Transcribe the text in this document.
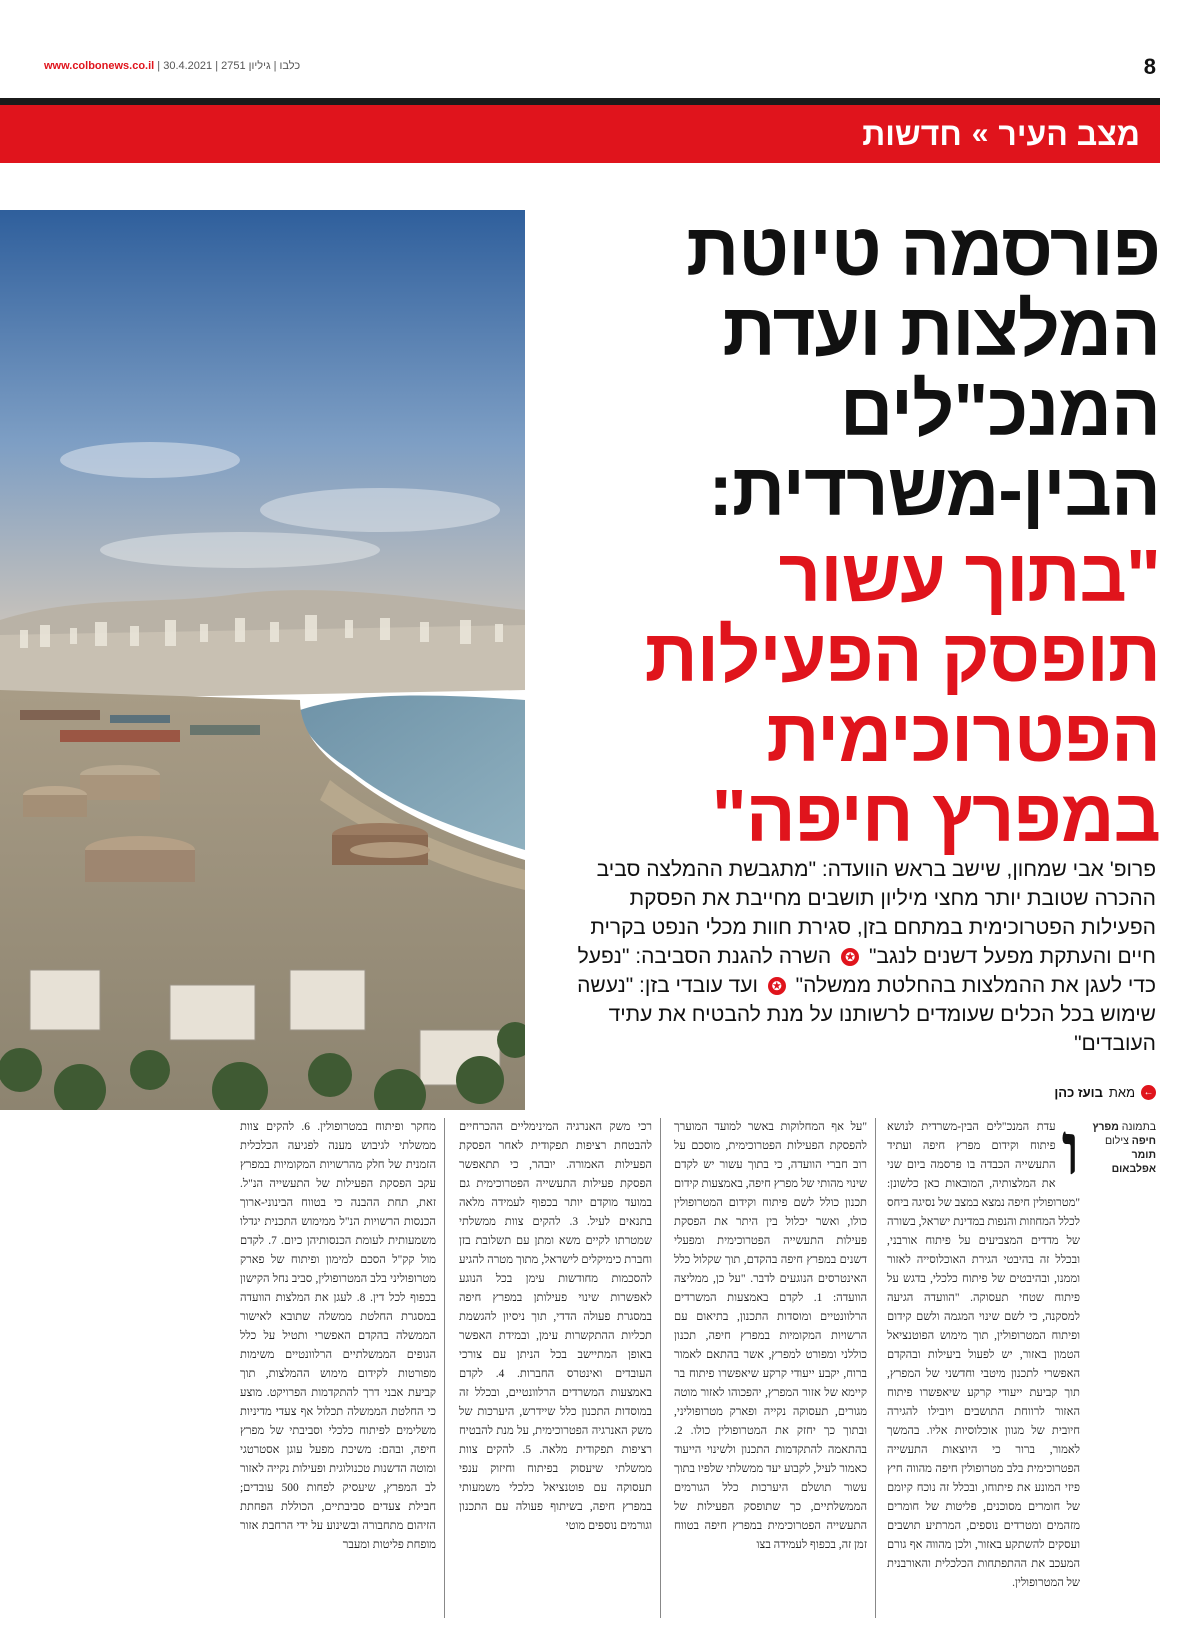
www.colbonews.co.il | כלבו | גיליון 2751 | 30.4.2021	8
מצב העיר
»
חדשות
פורסמה טיוטת
המלצות ועדת
המנכ"לים
הבין-משרדית:
"בתוך עשור
תופסק הפעילות
הפטרוכימית
במפרץ חיפה"
פרופ' אבי שמחון, שישב בראש הוועדה: "מתגבשת ההמלצה סביב ההכרה שטובת יותר מחצי מיליון תושבים מחייבת את הפסקת הפעילות הפטרוכימית במתחם בזן, סגירת חוות מכלי הנפט בקרית חיים והעתקת מפעל דשנים לנגב" ✪ השרה להגנת הסביבה: "נפעל כדי לעגן את ההמלצות בהחלטת ממשלה" ✪ ועד עובדי בזן: "נעשה שימוש בכל הכלים שעומדים לרשותנו על מנת להבטיח את עתיד העובדים"
←
מאת
בועז כהן
בתמונה מפרץ חיפה צילום תומר אפלבאום
ו

עדת המנכ"לים הבין-משרדית לנושא פיתוח וקידום מפרץ חיפה ועתיד התעשייה הכבדה בו פרסמה ביום שני את המלצותיה, המובאות כאן כלשונן: "מטרופולין חיפה נמצא במצב של נסיגה ביחס לכלל המחוזות והנפות במדינת ישראל, בשורה של מדדים המצביעים על פיתוח אורבני, ובכלל זה בהיבטי הגירת האוכלוסייה לאזור וממנו, ובהיבטים של פיתוח כלכלי, בדגש על פיתוח שטחי תעסוקה. "הוועדה הגיעה למסקנה, כי לשם שינוי המגמה ולשם קידום ופיתוח המטרופולין, תוך מימוש הפוטנציאל הטמון באזור, יש לפעול ביעילות ובהקדם האפשרי לתכנון מיטבי וחדשני של המפרץ, תוך קביעת ייעודי קרקע שיאפשרו פיתוח האזור לרווחת התושבים ויובילו להגירה חיובית של מגוון אוכלוסיות אליו. בהמשך לאמור, ברור כי היוצאות התעשייה הפטרוכימית בלב מטרופולין חיפה מהווה חיץ פיזי המונע את פיתוחו, ובכלל זה נוכח קיומם של חומרים מסוכנים, פליטות של חומרים מזהמים ומטרדים נוספים, המרתיע תושבים ועסקים להשתקע באזור, ולכן מהווה אף גורם המעכב את ההתפתחות הכלכלית והאורבנית של המטרופולין.

"על אף המחלוקות באשר למועד המוערך להפסקת הפעילות הפטרוכימית, מוסכם על רוב חברי הוועדה, כי בתוך עשור יש לקדם שינוי מהותי של מפרץ חיפה, באמצעות קידום תכנון כולל לשם פיתוח וקידום המטרופולין כולו, ואשר יכלול בין היתר את הפסקת פעילות התעשייה הפטרוכימית ומפעלי דשנים במפרץ חיפה בהקדם, תוך שקלול כלל האינטרסים הנוגעים לדבר. "על כן, ממליצה הוועדה: 1. לקדם באמצעות המשרדים הרלוונטיים ומוסדות התכנון, בתיאום עם הרשויות המקומיות במפרץ חיפה, תכנון כוללני ומפורט למפרץ, אשר בהתאם לאמור ברוח, יקבע ייעודי קרקע שיאפשרו פיתוח בר קיימא של אזור המפרץ, יהפכוהו לאזור מוטה מגורים, תעסוקה נקייה ופארק מטרופוליני, ובתוך כך יחזק את המטרופולין כולו. 2. בהתאמה להתקדמות התכנון ולשינוי הייעוד כאמור לעיל, לקבוע יעד ממשלתי שלפיו בתוך עשור תושלם היערכות כלל הגורמים הממשלתיים, כך שתופסק הפעילות של התעשייה הפטרוכימית במפרץ חיפה בטווח זמן זה, בכפוף לעמידה בצו

רכי משק האנרגיה המינימליים ההכרחיים להבטחת רציפות תפקודית לאחר הפסקת הפעילות האמורה. יובהר, כי תתאפשר הפסקת פעילות התעשייה הפטרוכימית גם במועד מוקדם יותר בכפוף לעמידה מלאה בתנאים לעיל. 3. להקים צוות ממשלתי שמטרתו לקיים משא ומתן עם תשלובת בזן וחברת כימיקלים לישראל, מתוך מטרה להגיע להסכמות מחודשות עימן בכל הנוגע לאפשרות שינוי פעילותן במפרץ חיפה במסגרת פעולה הדדי, תוך ניסיון להגשמת תכליות ההתקשרות עימן, ובמידת האפשר באופן המתיישב בכל הניתן עם צורכי העובדים ואינטרס החברות. 4. לקדם באמצעות המשרדים הרלוונטיים, ובכלל זה במוסדות התכנון כלל שיידרש, היערכות של משק האנרגיה הפטרוכימית, על מנת להבטיח רציפות תפקודית מלאה. 5. להקים צוות ממשלתי שיעסוק בפיתוח וחיזוק ענפי תעסוקה עם פוטנציאל כלכלי משמעותי במפרץ חיפה, בשיתוף פעולה עם התכנון וגורמים נוספים מוטי

מחקר ופיתוח במטרופולין. 6. להקים צוות ממשלתי לגיבוש מענה לפגיעה הכלכלית הזמנית של חלק מהרשויות המקומיות במפרץ עקב הפסקת הפעילות של התעשייה הנ"ל. זאת, תחת ההבנה כי בטווח הבינוני-ארוך הכנסות הרשויות הנ"ל ממימוש התכנית יגדלו משמעותית לעומת הכנסותיהן כיום. 7. לקדם מול קק"ל הסכם למימון ופיתוח של פארק מטרופוליני בלב המטרופולין, סביב נחל הקישון בכפוף לכל דין. 8. לעגן את המלצות הוועדה במסגרת החלטת ממשלה שתובא לאישור הממשלה בהקדם האפשרי ותטיל על כלל הגופים הממשלתיים הרלוונטיים משימות מפורטות לקידום מימוש ההמלצות, תוך קביעת אבני דרך להתקדמות הפרויקט. מוצע כי החלטת הממשלה תכלול אף צעדי מדיניות משלימים לפיתוח כלכלי וסביבתי של מפרץ חיפה, ובהם: משיכת מפעל עוגן אסטרטגי ומוטה הדשנות טכנולוגית ופעילות נקייה לאזור לב המפרץ, שיעסיק לפחות 500 עובדים; חבילת צעדים סביבתיים, הכוללת הפחתת הזיהום מתחבורה ובשינוע על ידי הרחבת אזור מופחת פליטות ומעבר
